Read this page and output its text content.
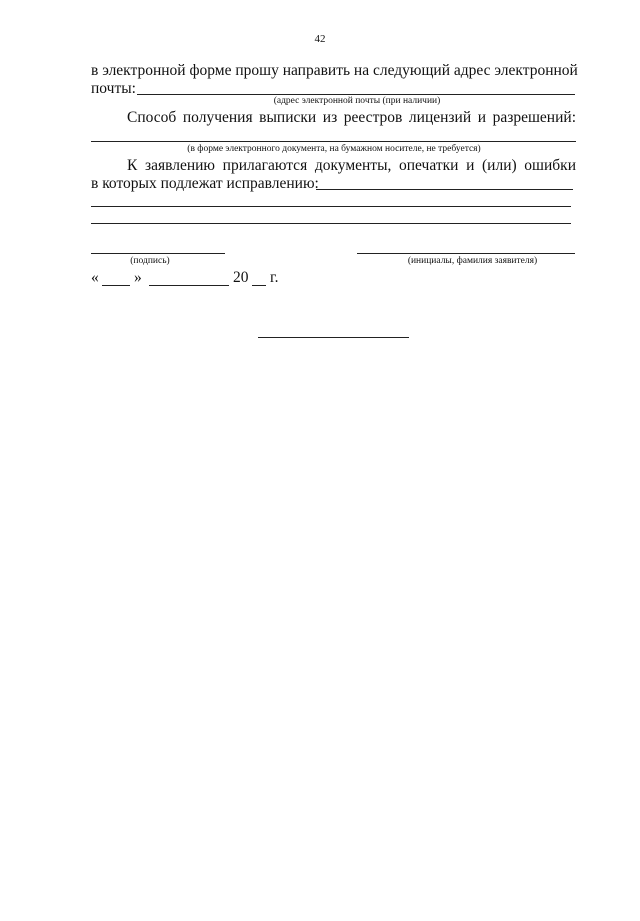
42
в электронной форме прошу направить на следующий адрес электронной
почты:
(адрес электронной почты (при наличии)
Способ получения выписки из реестров лицензий и разрешений:
(в форме электронного документа, на бумажном носителе, не требуется)
К заявлению прилагаются документы, опечатки и (или) ошибки
в которых подлежат исправлению:
(подпись)	(инициалы, фамилия заявителя)
« »	20 г.
